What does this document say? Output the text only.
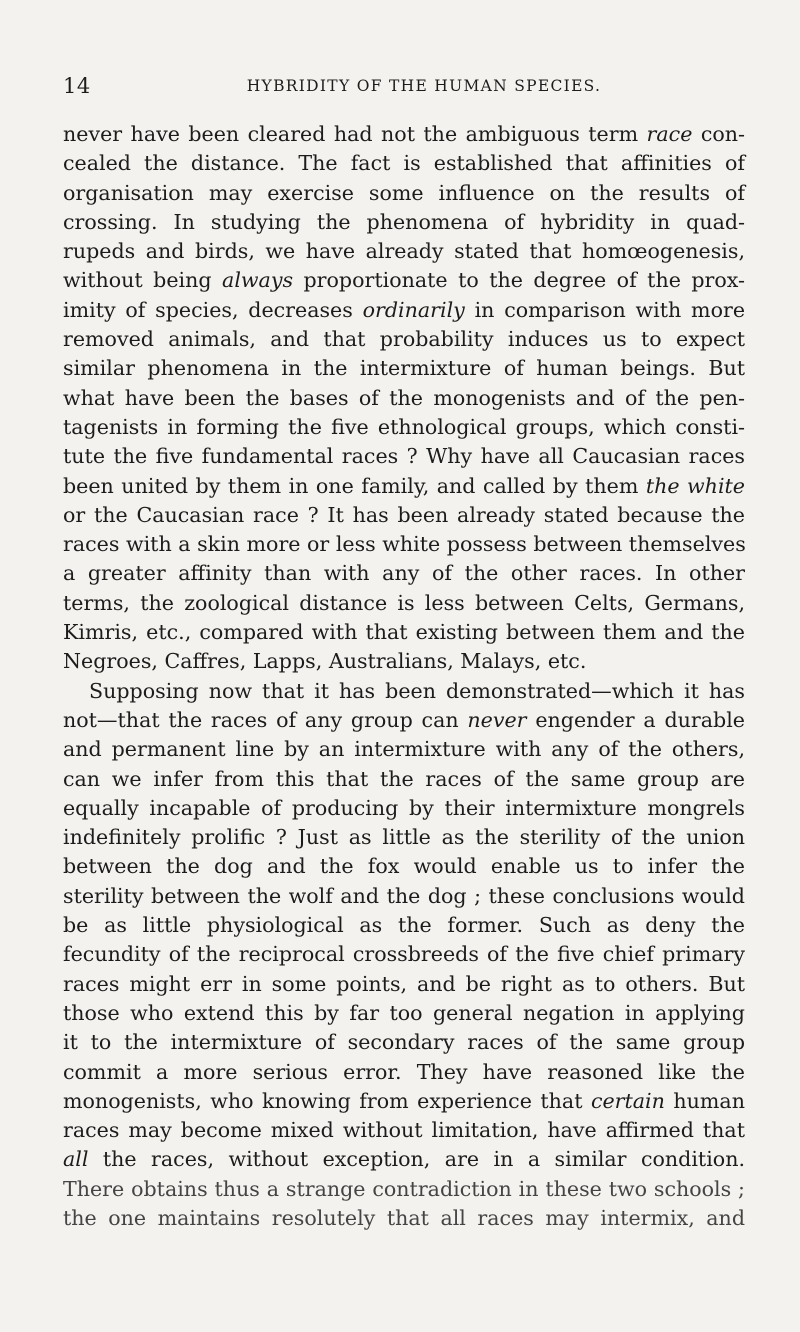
14	HYBRIDITY OF THE HUMAN SPECIES.
never have been cleared had not the ambiguous term race con-
cealed the distance. The fact is established that affinities of
organisation may exercise some influence on the results of
crossing. In studying the phenomena of hybridity in quad-
rupeds and birds, we have already stated that homœogenesis,
without being always proportionate to the degree of the prox-
imity of species, decreases ordinarily in comparison with more
removed animals, and that probability induces us to expect
similar phenomena in the intermixture of human beings. But
what have been the bases of the monogenists and of the pen-
tagenists in forming the five ethnological groups, which consti-
tute the five fundamental races ? Why have all Caucasian races
been united by them in one family, and called by them the white
or the Caucasian race ? It has been already stated because the
races with a skin more or less white possess between themselves
a greater affinity than with any of the other races. In other
terms, the zoological distance is less between Celts, Germans,
Kimris, etc., compared with that existing between them and the
Negroes, Caffres, Lapps, Australians, Malays, etc.
Supposing now that it has been demonstrated—which it has
not—that the races of any group can never engender a durable
and permanent line by an intermixture with any of the others,
can we infer from this that the races of the same group are
equally incapable of producing by their intermixture mongrels
indefinitely prolific ? Just as little as the sterility of the union
between the dog and the fox would enable us to infer the
sterility between the wolf and the dog ; these conclusions would
be as little physiological as the former. Such as deny the
fecundity of the reciprocal crossbreeds of the five chief primary
races might err in some points, and be right as to others. But
those who extend this by far too general negation in applying
it to the intermixture of secondary races of the same group
commit a more serious error. They have reasoned like the
monogenists, who knowing from experience that certain human
races may become mixed without limitation, have affirmed that
all the races, without exception, are in a similar condition.
There obtains thus a strange contradiction in these two schools ;
the one maintains resolutely that all races may intermix, and
